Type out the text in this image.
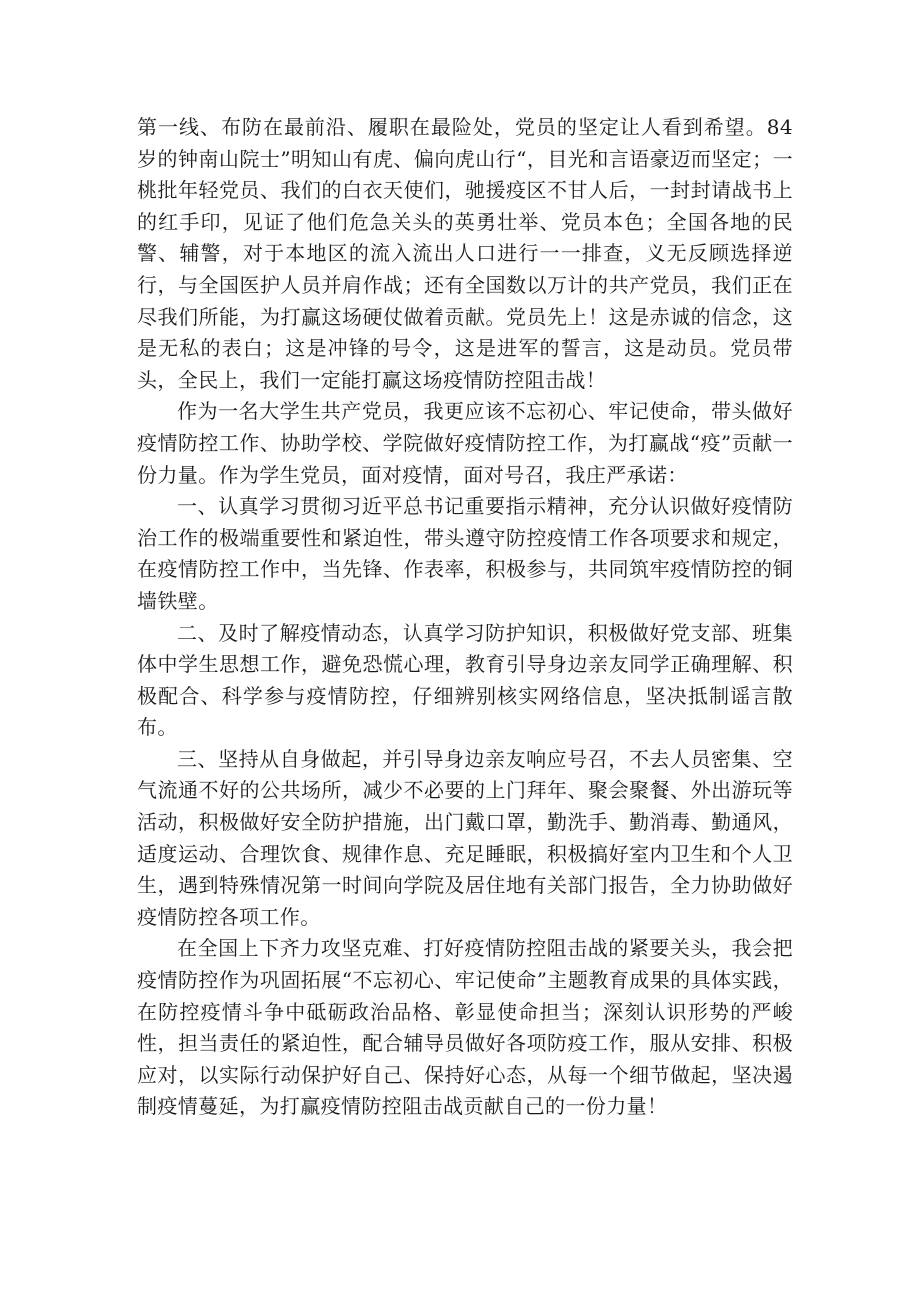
第一线、布防在最前沿、履职在最险处，党员的坚定让人看到希望。84岁的钟南山院士”明知山有虎、偏向虎山行“，目光和言语豪迈而坚定；一桃批年轻党员、我们的白衣天使们，驰援疫区不甘人后，一封封请战书上的红手印，见证了他们危急关头的英勇壮举、党员本色；全国各地的民警、辅警，对于本地区的流入流出人口进行一一排查，义无反顾选择逆行，与全国医护人员并肩作战；还有全国数以万计的共产党员，我们正在尽我们所能，为打赢这场硬仗做着贡献。党员先上！这是赤诚的信念，这是无私的表白；这是冲锋的号令，这是进军的誓言，这是动员。党员带头，全民上，我们一定能打赢这场疫情防控阻击战！

作为一名大学生共产党员，我更应该不忘初心、牢记使命，带头做好疫情防控工作、协助学校、学院做好疫情防控工作，为打赢战“疫”贡献一份力量。作为学生党员，面对疫情，面对号召，我庄严承诺：

一、认真学习贯彻习近平总书记重要指示精神，充分认识做好疫情防治工作的极端重要性和紧迫性，带头遵守防控疫情工作各项要求和规定，在疫情防控工作中，当先锋、作表率，积极参与，共同筑牢疫情防控的铜墙铁壁。

二、及时了解疫情动态，认真学习防护知识，积极做好党支部、班集体中学生思想工作，避免恐慌心理，教育引导身边亲友同学正确理解、积极配合、科学参与疫情防控，仔细辨别核实网络信息，坚决抵制谣言散布。

三、坚持从自身做起，并引导身边亲友响应号召，不去人员密集、空气流通不好的公共场所，减少不必要的上门拜年、聚会聚餐、外出游玩等活动，积极做好安全防护措施，出门戴口罩，勤洗手、勤消毒、勤通风，适度运动、合理饮食、规律作息、充足睡眠，积极搞好室内卫生和个人卫生，遇到特殊情况第一时间向学院及居住地有关部门报告，全力协助做好疫情防控各项工作。

在全国上下齐力攻坚克难、打好疫情防控阻击战的紧要关头，我会把疫情防控作为巩固拓展“不忘初心、牢记使命”主题教育成果的具体实践，在防控疫情斗争中砥砺政治品格、彰显使命担当；深刻认识形势的严峻性，担当责任的紧迫性，配合辅导员做好各项防疫工作，服从安排、积极应对，以实际行动保护好自己、保持好心态，从每一个细节做起，坚决遏制疫情蔓延，为打赢疫情防控阻击战贡献自己的一份力量！
